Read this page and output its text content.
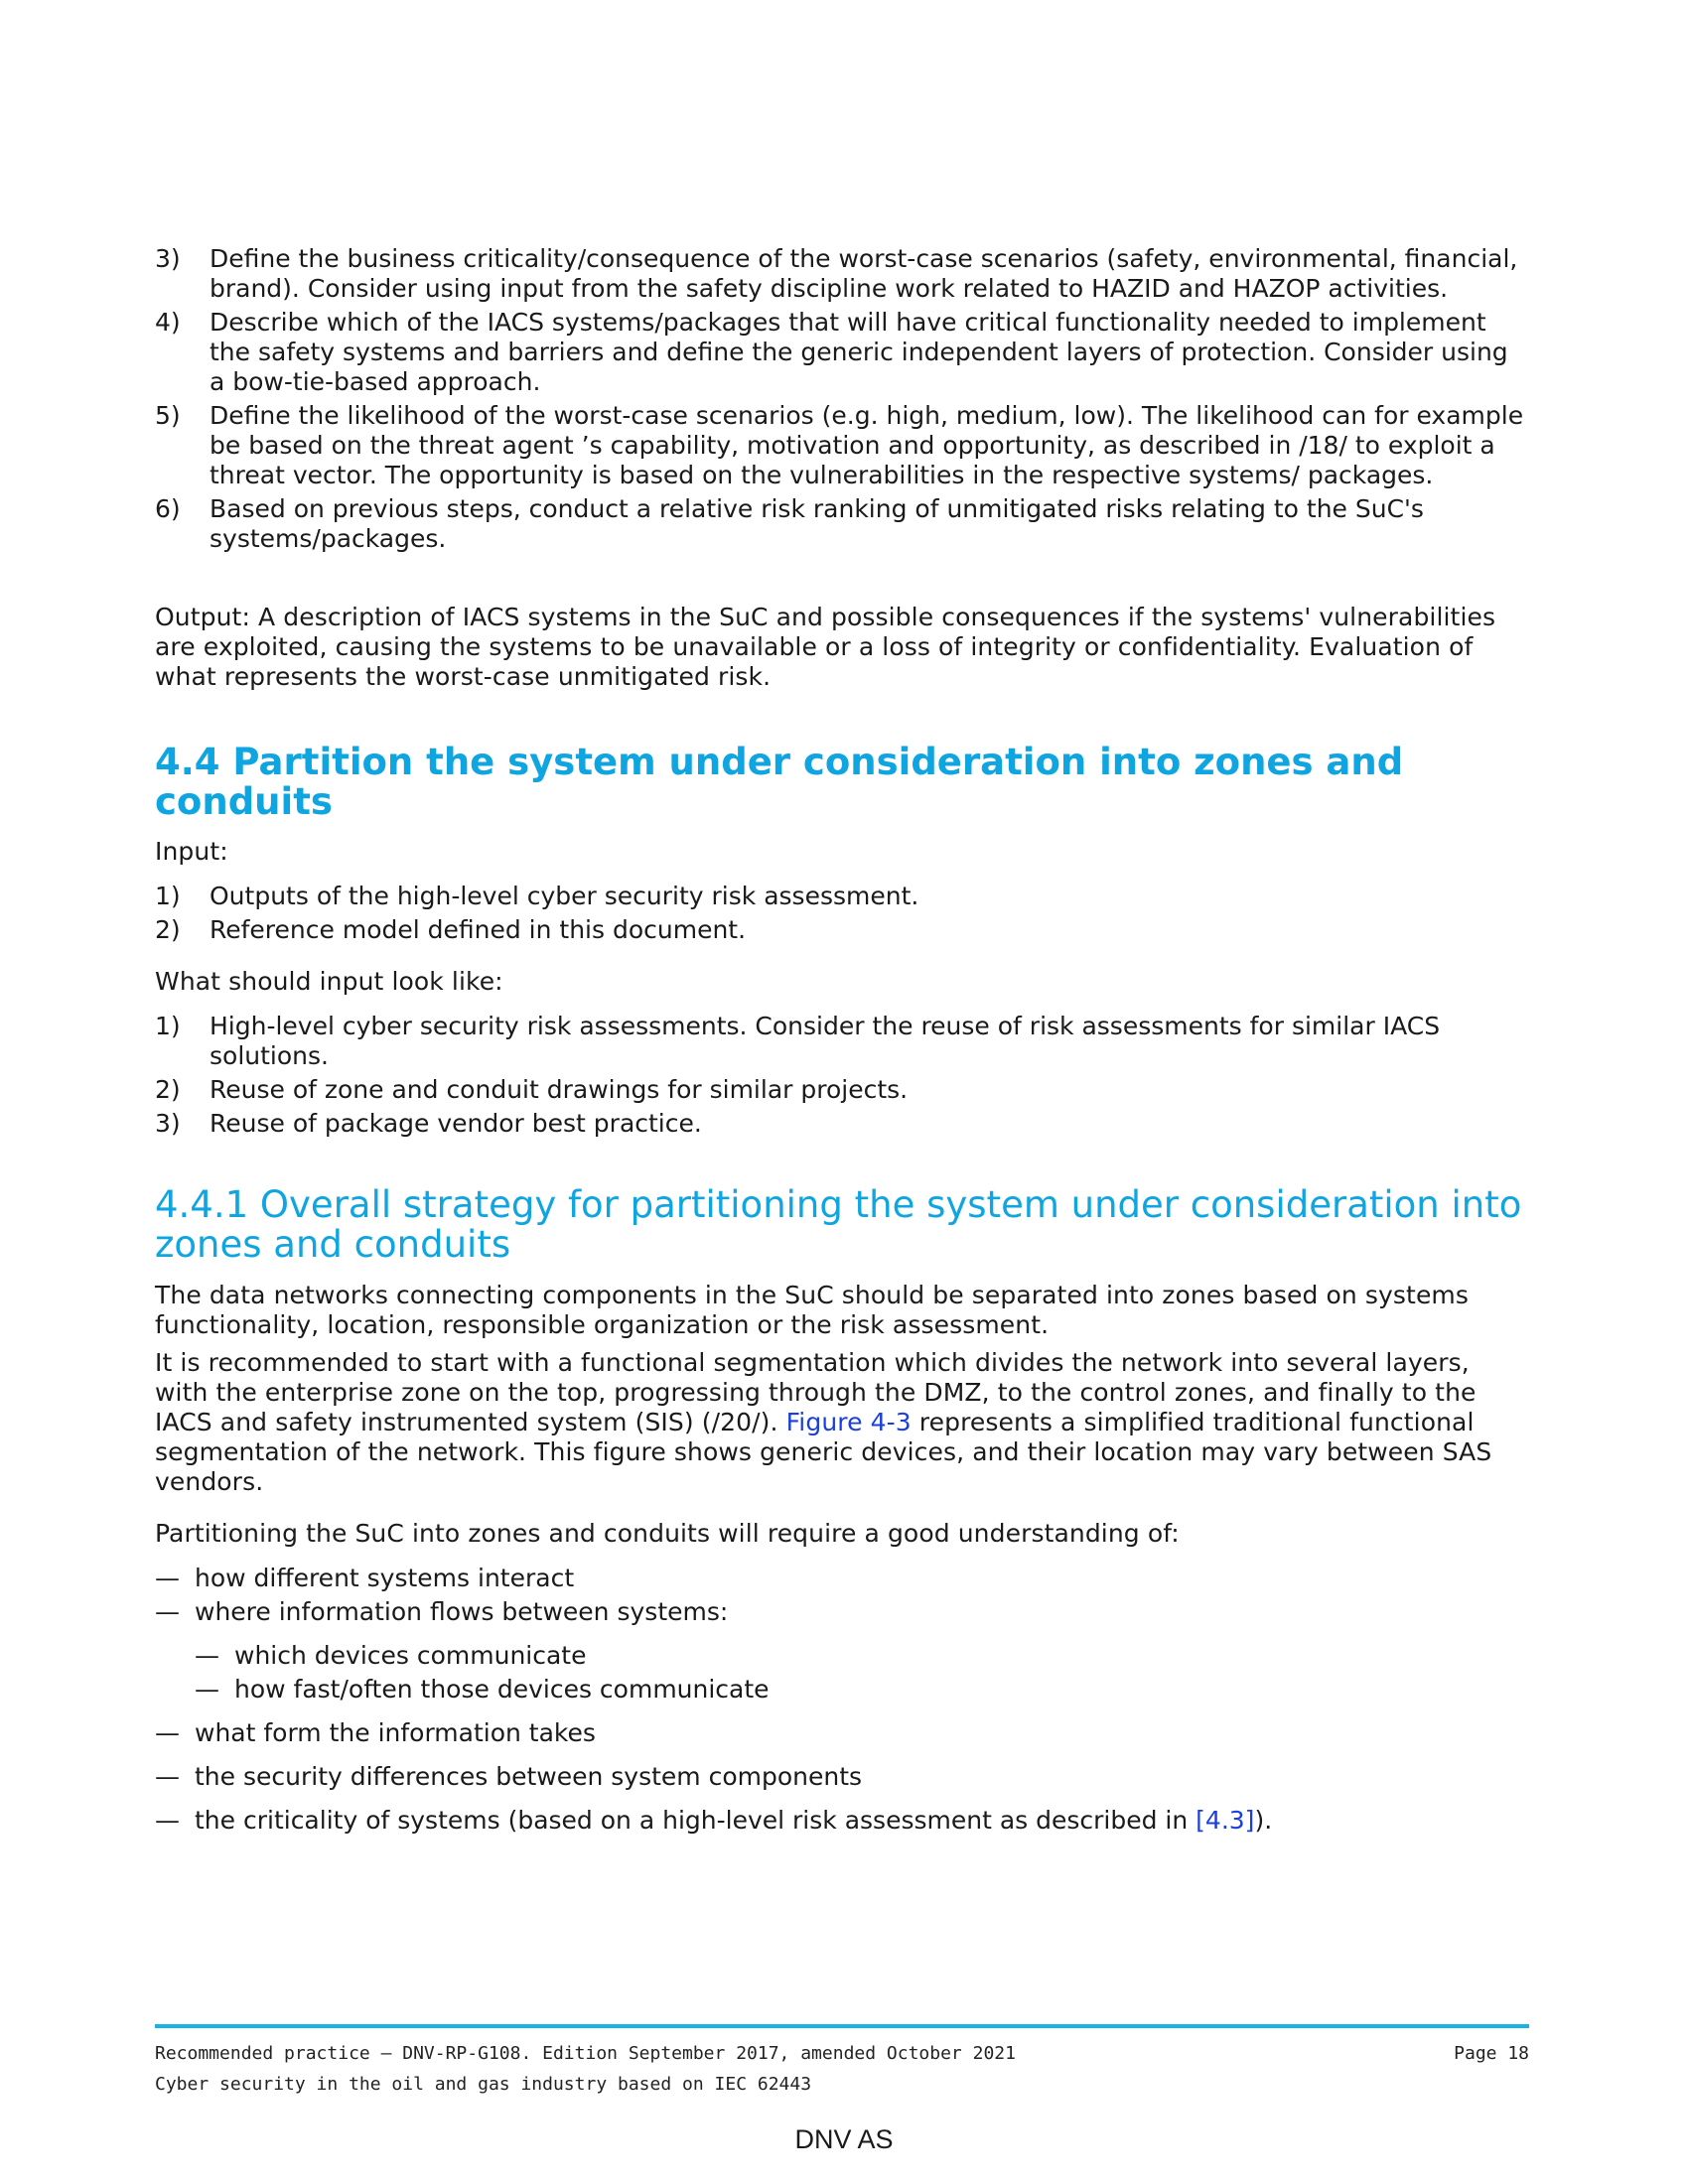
3) Define the business criticality/consequence of the worst-case scenarios (safety, environmental, financial, brand). Consider using input from the safety discipline work related to HAZID and HAZOP activities.
4) Describe which of the IACS systems/packages that will have critical functionality needed to implement the safety systems and barriers and define the generic independent layers of protection. Consider using a bow-tie-based approach.
5) Define the likelihood of the worst-case scenarios (e.g. high, medium, low). The likelihood can for example be based on the threat agent ’s capability, motivation and opportunity, as described in /18/ to exploit a threat vector. The opportunity is based on the vulnerabilities in the respective systems/ packages.
6) Based on previous steps, conduct a relative risk ranking of unmitigated risks relating to the SuC's systems/packages.

Output: A description of IACS systems in the SuC and possible consequences if the systems' vulnerabilities are exploited, causing the systems to be unavailable or a loss of integrity or confidentiality. Evaluation of what represents the worst-case unmitigated risk.

4.4 Partition the system under consideration into zones and conduits

Input:

1) Outputs of the high-level cyber security risk assessment.
2) Reference model defined in this document.

What should input look like:

1) High-level cyber security risk assessments. Consider the reuse of risk assessments for similar IACS solutions.
2) Reuse of zone and conduit drawings for similar projects.
3) Reuse of package vendor best practice.
4.4.1 Overall strategy for partitioning the system under consideration into zones and conduits

The data networks connecting components in the SuC should be separated into zones based on systems functionality, location, responsible organization or the risk assessment.

It is recommended to start with a functional segmentation which divides the network into several layers, with the enterprise zone on the top, progressing through the DMZ, to the control zones, and finally to the IACS and safety instrumented system (SIS) (/20/). Figure 4-3 represents a simplified traditional functional segmentation of the network. This figure shows generic devices, and their location may vary between SAS vendors.

Partitioning the SuC into zones and conduits will require a good understanding of:

— how different systems interact
— where information flows between systems:
— which devices communicate
— how fast/often those devices communicate
— what form the information takes
— the security differences between system components
— the criticality of systems (based on a high-level risk assessment as described in [4.3]).
Recommended practice — DNV-RP-G108. Edition September 2017, amended October 2021	Page 18
Cyber security in the oil and gas industry based on IEC 62443
DNV AS
